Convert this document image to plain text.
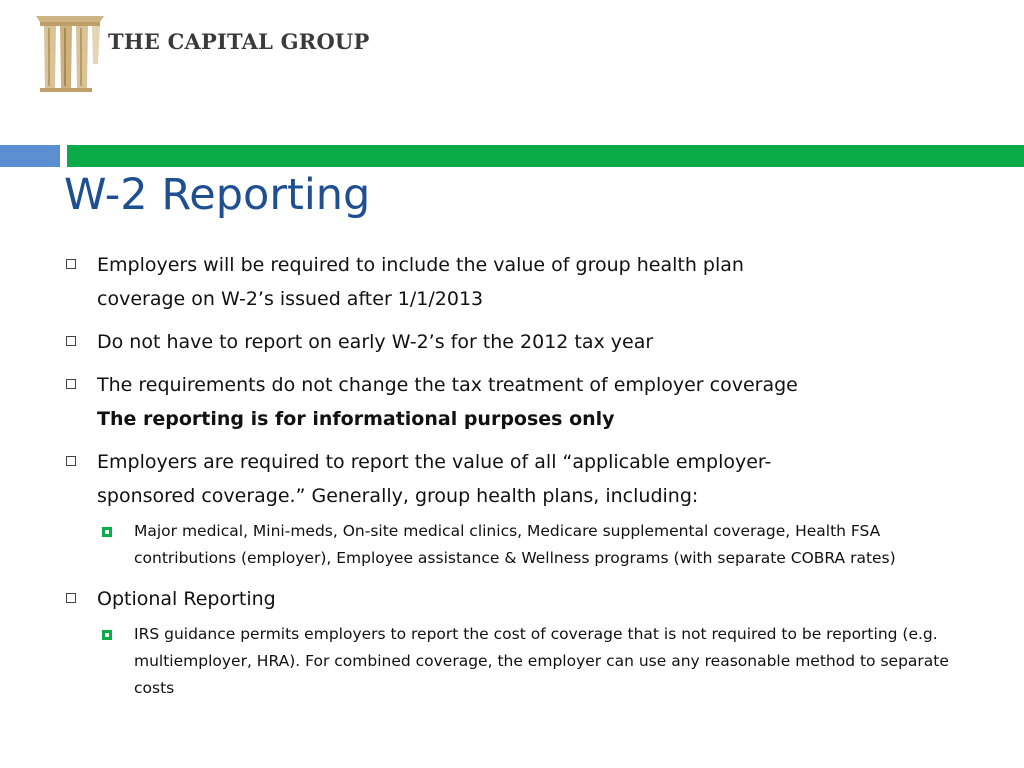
THE CAPITAL GROUP
W-2 Reporting
Employers will be required to include the value of group health plan
coverage on W-2’s issued after 1/1/2013
Do not have to report on early W-2’s for the 2012 tax year
The requirements do not change the tax treatment of employer coverage
The reporting is for informational purposes only
Employers are required to report the value of all “applicable employer-
sponsored coverage.” Generally, group health plans, including:
Major medical, Mini-meds, On-site medical clinics, Medicare supplemental coverage, Health FSA contributions (employer), Employee assistance & Wellness programs (with separate COBRA rates)
Optional Reporting
IRS guidance permits employers to report the cost of coverage that is not required to be reporting (e.g. multiemployer, HRA). For combined coverage, the employer can use any reasonable method to separate costs
